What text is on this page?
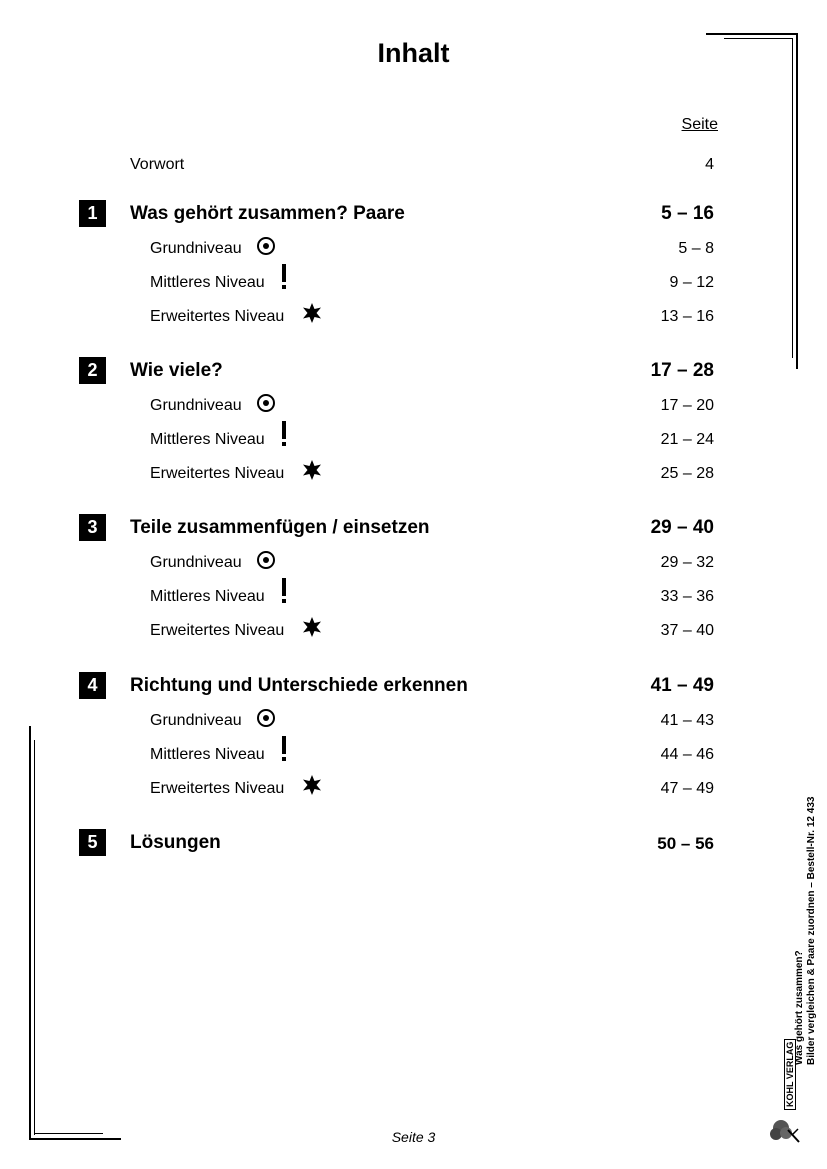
Inhalt
Seite
Vorwort	4
1	Was gehört zusammen? Paare	5 – 16
Grundniveau	5 – 8
Mittleres Niveau	9 – 12
Erweitertes Niveau	13 – 16
2	Wie viele?	17 – 28
Grundniveau	17 – 20
Mittleres Niveau	21 – 24
Erweitertes Niveau	25 – 28
3	Teile zusammenfügen / einsetzen	29 – 40
Grundniveau	29 – 32
Mittleres Niveau	33 – 36
Erweitertes Niveau	37 – 40
4	Richtung und Unterschiede erkennen	41 – 49
Grundniveau	41 – 43
Mittleres Niveau	44 – 46
Erweitertes Niveau	47 – 49
5	Lösungen	50 – 56
Was gehört zusammen? Bilder vergleichen & Paare zuordnen – Bestell-Nr. 12 433
KOHL VERLAG
Seite 3
